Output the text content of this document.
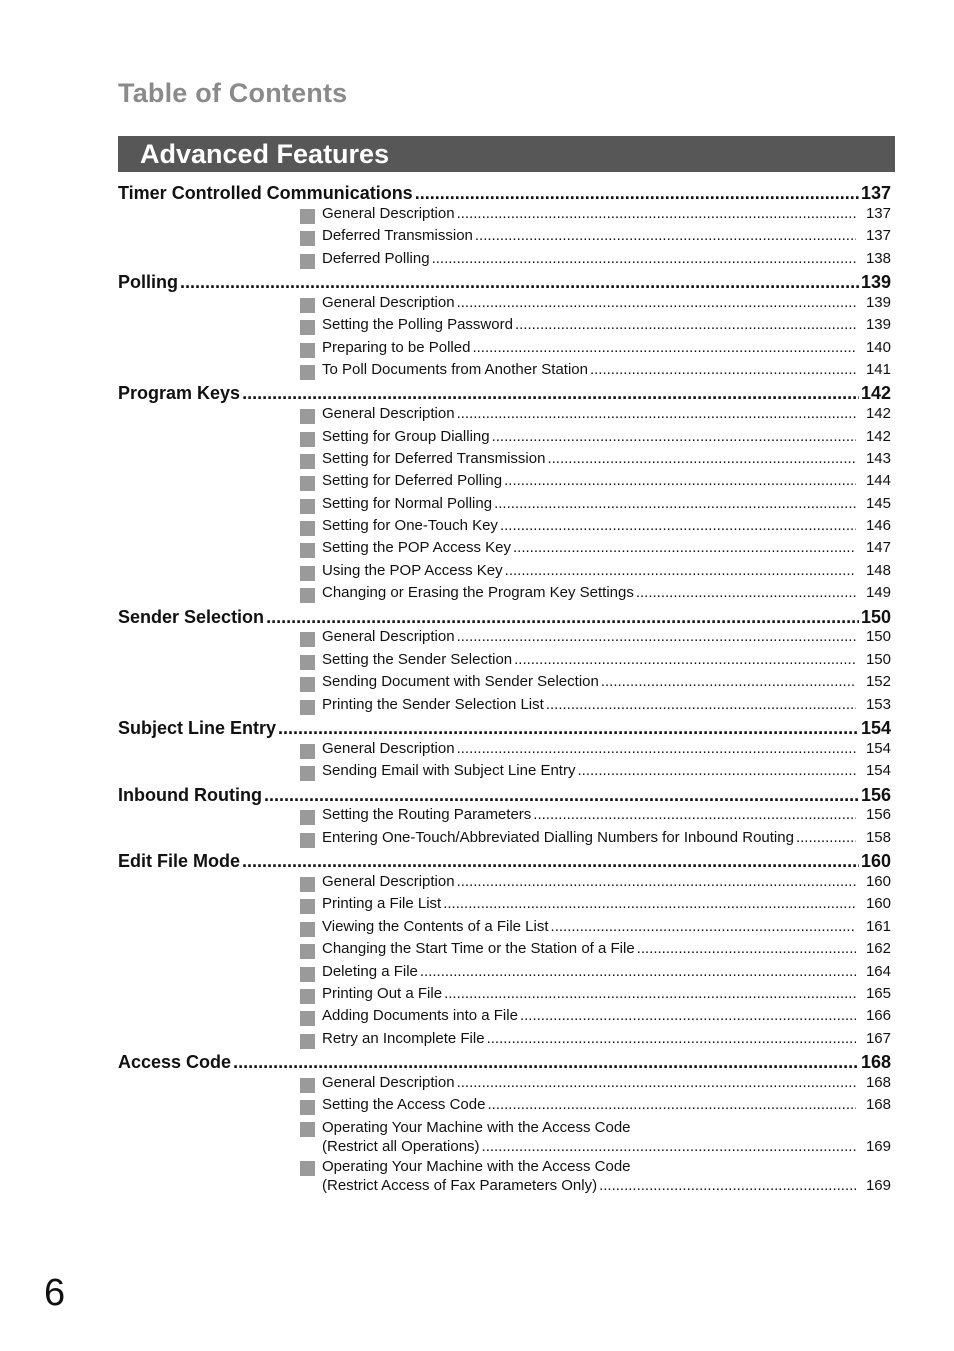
Table of Contents
Advanced Features
Timer Controlled Communications .....	137
General Description .....	137
Deferred Transmission .....	137
Deferred Polling .....	138
Polling .....	139
General Description .....	139
Setting the Polling Password .....	139
Preparing to be Polled .....	140
To Poll Documents from Another Station .....	141
Program Keys .....	142
General Description .....	142
Setting for Group Dialling .....	142
Setting for Deferred Transmission .....	143
Setting for Deferred Polling .....	144
Setting for Normal Polling .....	145
Setting for One-Touch Key .....	146
Setting the POP Access Key .....	147
Using the POP Access Key .....	148
Changing or Erasing the Program Key Settings .....	149
Sender Selection .....	150
General Description .....	150
Setting the Sender Selection .....	150
Sending Document with Sender Selection .....	152
Printing the Sender Selection List .....	153
Subject Line Entry .....	154
General Description .....	154
Sending Email with Subject Line Entry .....	154
Inbound Routing .....	156
Setting the Routing Parameters .....	156
Entering One-Touch/Abbreviated Dialling Numbers for Inbound Routing .....	158
Edit File Mode .....	160
General Description .....	160
Printing a File List .....	160
Viewing the Contents of a File List .....	161
Changing the Start Time or the Station of a File .....	162
Deleting a File .....	164
Printing Out a File .....	165
Adding Documents into a File .....	166
Retry an Incomplete File .....	167
Access Code .....	168
General Description .....	168
Setting the Access Code .....	168
Operating Your Machine with the Access Code
(Restrict all Operations) .....	169
Operating Your Machine with the Access Code
(Restrict Access of Fax Parameters Only) .....	169
6
